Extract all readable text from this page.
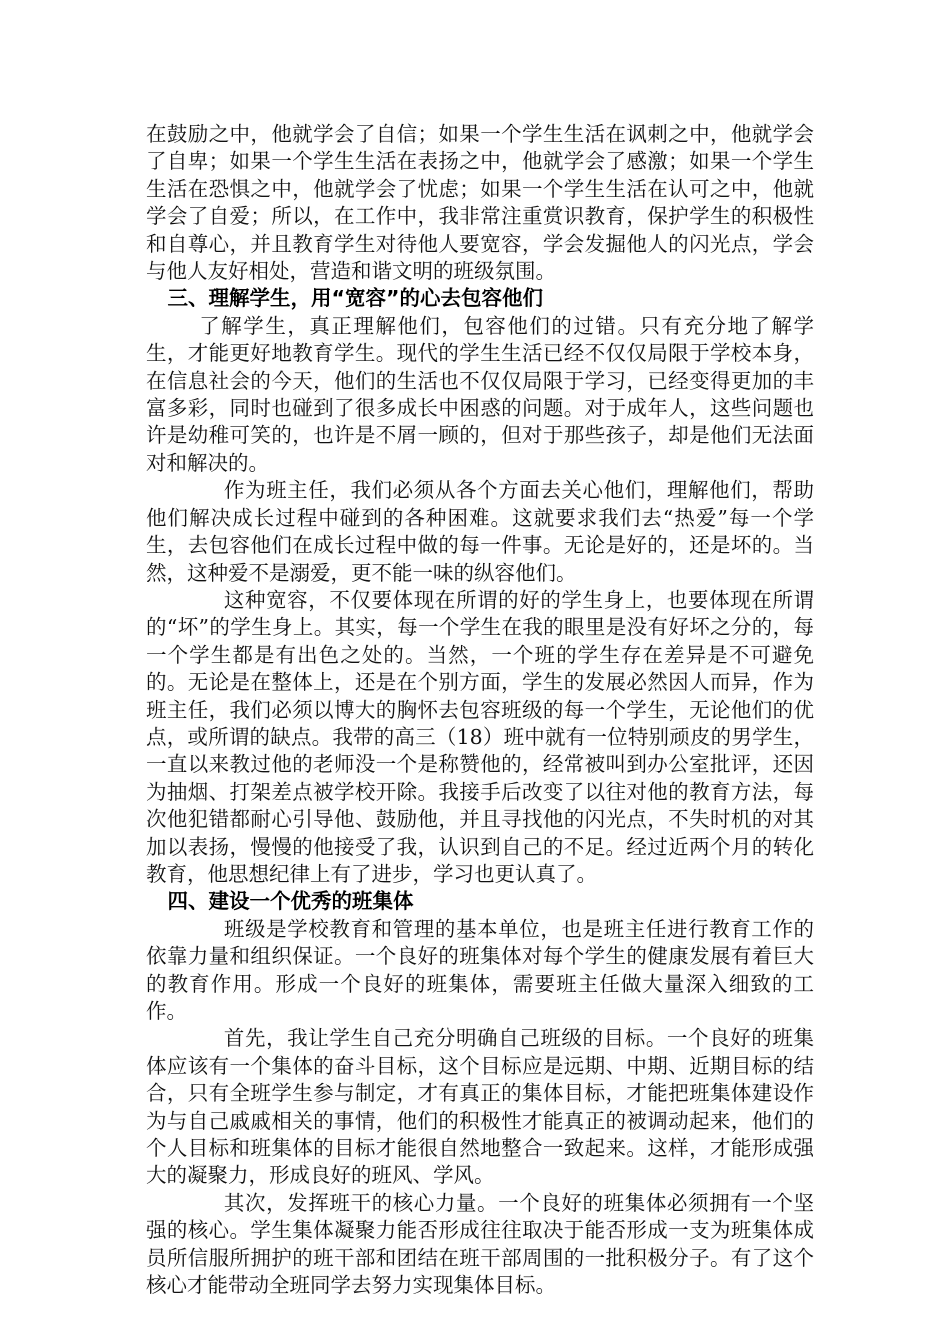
在鼓励之中，他就学会了自信；如果一个学生生活在讽刺之中，他就学会了自卑；如果一个学生生活在表扬之中，他就学会了感激；如果一个学生生活在恐惧之中，他就学会了忧虑；如果一个学生生活在认可之中，他就学会了自爱；所以，在工作中，我非常注重赏识教育，保护学生的积极性和自尊心，并且教育学生对待他人要宽容，学会发掘他人的闪光点，学会与他人友好相处，营造和谐文明的班级氛围。

三、理解学生，用“宽容”的心去包容他们

了解学生，真正理解他们，包容他们的过错。只有充分地了解学生，才能更好地教育学生。现代的学生生活已经不仅仅局限于学校本身，在信息社会的今天，他们的生活也不仅仅局限于学习，已经变得更加的丰富多彩，同时也碰到了很多成长中困惑的问题。对于成年人，这些问题也许是幼稚可笑的，也许是不屑一顾的，但对于那些孩子，却是他们无法面对和解决的。

作为班主任，我们必须从各个方面去关心他们，理解他们，帮助他们解决成长过程中碰到的各种困难。这就要求我们去“热爱”每一个学生，去包容他们在成长过程中做的每一件事。无论是好的，还是坏的。当然，这种爱不是溺爱，更不能一味的纵容他们。

这种宽容，不仅要体现在所谓的好的学生身上，也要体现在所谓的“坏”的学生身上。其实，每一个学生在我的眼里是没有好坏之分的，每一个学生都是有出色之处的。当然，一个班的学生存在差异是不可避免的。无论是在整体上，还是在个别方面，学生的发展必然因人而异，作为班主任，我们必须以博大的胸怀去包容班级的每一个学生，无论他们的优点，或所谓的缺点。我带的高三（18）班中就有一位特别顽皮的男学生，一直以来教过他的老师没一个是称赞他的，经常被叫到办公室批评，还因为抽烟、打架差点被学校开除。我接手后改变了以往对他的教育方法，每次他犯错都耐心引导他、鼓励他，并且寻找他的闪光点，不失时机的对其加以表扬，慢慢的他接受了我，认识到自己的不足。经过近两个月的转化教育，他思想纪律上有了进步，学习也更认真了。

四、建设一个优秀的班集体

班级是学校教育和管理的基本单位，也是班主任进行教育工作的依靠力量和组织保证。一个良好的班集体对每个学生的健康发展有着巨大的教育作用。形成一个良好的班集体，需要班主任做大量深入细致的工作。

首先，我让学生自己充分明确自己班级的目标。一个良好的班集体应该有一个集体的奋斗目标，这个目标应是远期、中期、近期目标的结合，只有全班学生参与制定，才有真正的集体目标，才能把班集体建设作为与自己戚戚相关的事情，他们的积极性才能真正的被调动起来，他们的个人目标和班集体的目标才能很自然地整合一致起来。这样，才能形成强大的凝聚力，形成良好的班风、学风。

其次，发挥班干的核心力量。一个良好的班集体必须拥有一个坚强的核心。学生集体凝聚力能否形成往往取决于能否形成一支为班集体成员所信服所拥护的班干部和团结在班干部周围的一批积极分子。有了这个核心才能带动全班同学去努力实现集体目标。
